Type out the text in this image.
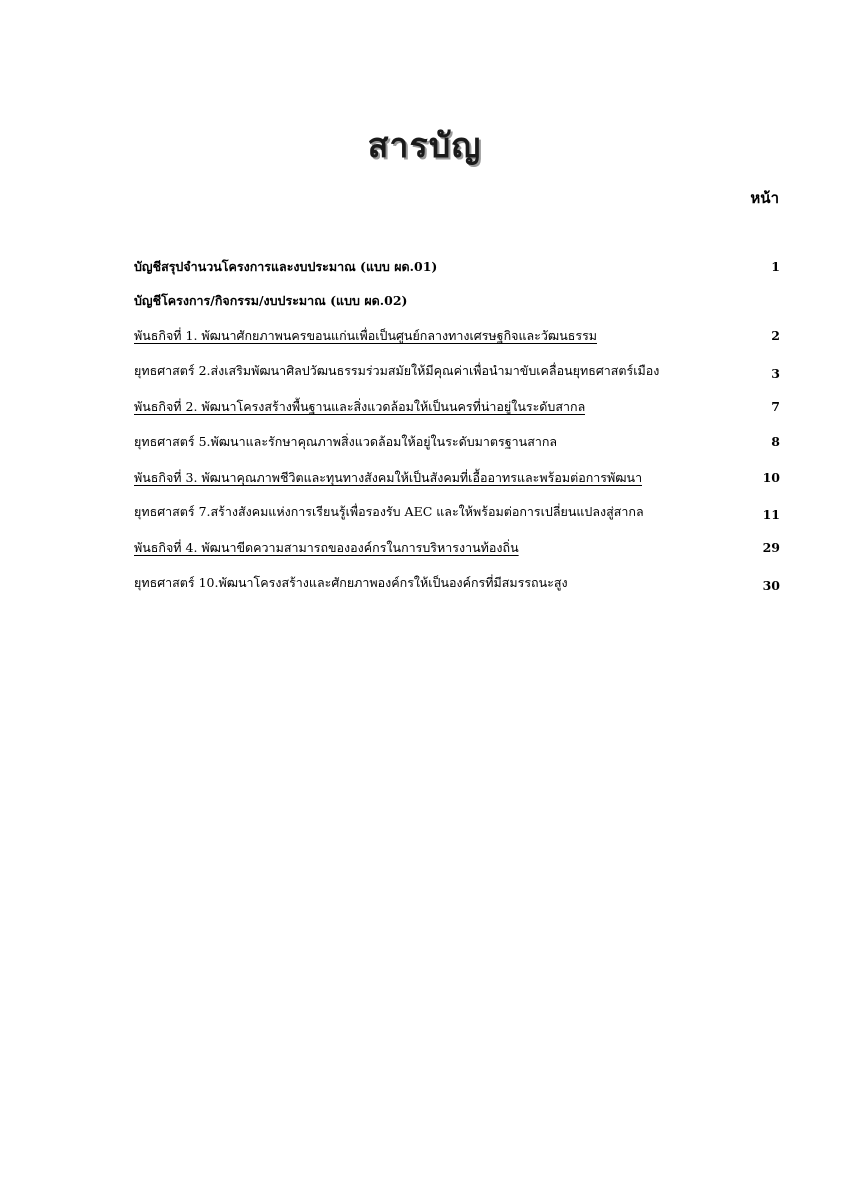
สารบัญ
หน้า
บัญชีสรุปจำนวนโครงการและงบประมาณ (แบบ ผด.01)	1
บัญชีโครงการ/กิจกรรม/งบประมาณ (แบบ ผด.02)
พันธกิจที่ 1. พัฒนาศักยภาพนครขอนแก่นเพื่อเป็นศูนย์กลางทางเศรษฐกิจและวัฒนธรรม	2
ยุทธศาสตร์ 2.ส่งเสริมพัฒนาศิลปวัฒนธรรมร่วมสมัยให้มีคุณค่าเพื่อนำมาขับเคลื่อนยุทธศาสตร์เมือง	3
พันธกิจที่ 2. พัฒนาโครงสร้างพื้นฐานและสิ่งแวดล้อมให้เป็นนครที่น่าอยู่ในระดับสากล	7
ยุทธศาสตร์ 5.พัฒนาและรักษาคุณภาพสิ่งแวดล้อมให้อยู่ในระดับมาตรฐานสากล	8
พันธกิจที่ 3. พัฒนาคุณภาพชีวิตและทุนทางสังคมให้เป็นสังคมที่เอื้ออาทรและพร้อมต่อการพัฒนา	10
ยุทธศาสตร์ 7.สร้างสังคมแห่งการเรียนรู้เพื่อรองรับ AEC และให้พร้อมต่อการเปลี่ยนแปลงสู่สากล	11
พันธกิจที่ 4. พัฒนาขีดความสามารถขององค์กรในการบริหารงานท้องถิ่น	29
ยุทธศาสตร์ 10.พัฒนาโครงสร้างและศักยภาพองค์กรให้เป็นองค์กรที่มีสมรรถนะสูง	30
